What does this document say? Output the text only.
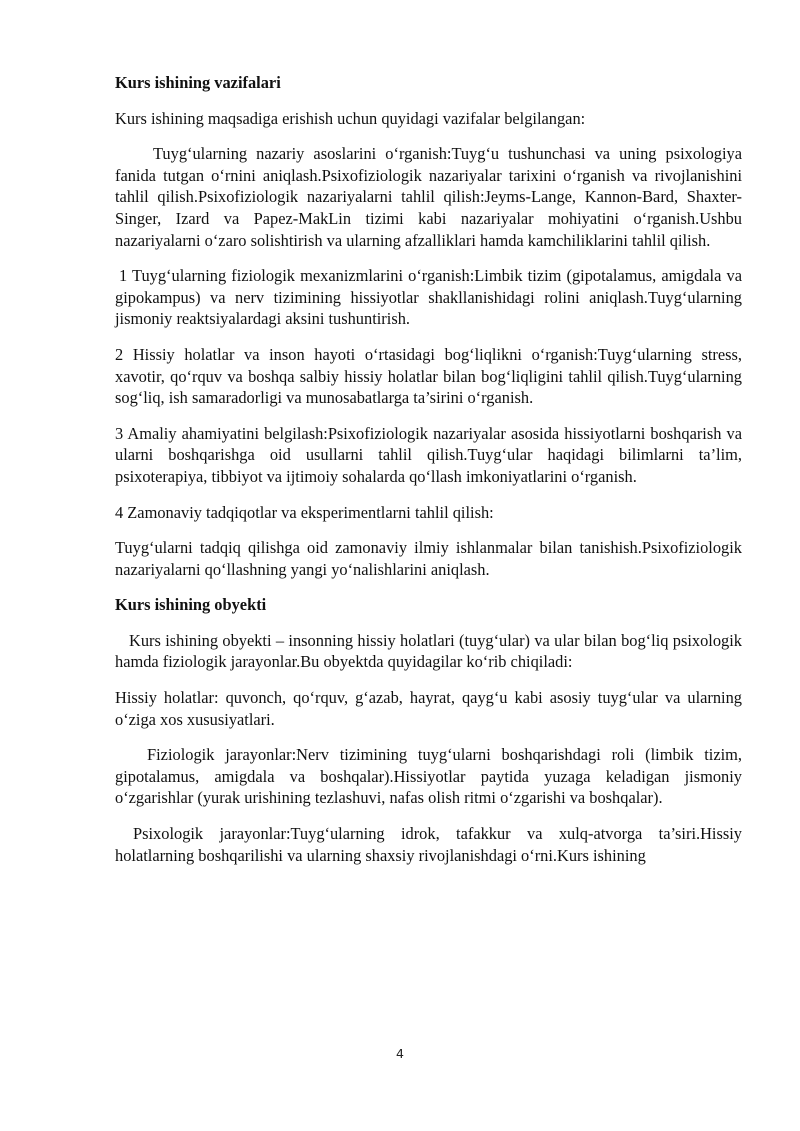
Kurs ishining vazifalari

Kurs ishining maqsadiga erishish uchun quyidagi vazifalar belgilangan:

Tuyg‘ularning nazariy asoslarini o‘rganish:Tuyg‘u tushunchasi va uning psixologiya fanida tutgan o‘rnini aniqlash.Psixofiziologik nazariyalar tarixini o‘rganish va rivojlanishini tahlil qilish.Psixofiziologik nazariyalarni tahlil qilish:Jeyms-Lange, Kannon-Bard, Shaxter-Singer, Izard va Papez-MakLin tizimi kabi nazariyalar mohiyatini o‘rganish.Ushbu nazariyalarni o‘zaro solishtirish va ularning afzalliklari hamda kamchiliklarini tahlil qilish.

1 Tuyg‘ularning fiziologik mexanizmlarini o‘rganish:Limbik tizim (gipotalamus, amigdala va gipokampus) va nerv tizimining hissiyotlar shakllanishidagi rolini aniqlash.Tuyg‘ularning jismoniy reaktsiyalardagi aksini tushuntirish.

2 Hissiy holatlar va inson hayoti o‘rtasidagi bog‘liqlikni o‘rganish:Tuyg‘ularning stress, xavotir, qo‘rquv va boshqa salbiy hissiy holatlar bilan bog‘liqligini tahlil qilish.Tuyg‘ularning sog‘liq, ish samaradorligi va munosabatlarga ta’sirini o‘rganish.

3 Amaliy ahamiyatini belgilash:Psixofiziologik nazariyalar asosida hissiyotlarni boshqarish va ularni boshqarishga oid usullarni tahlil qilish.Tuyg‘ular haqidagi bilimlarni ta’lim, psixoterapiya, tibbiyot va ijtimoiy sohalarda qo‘llash imkoniyatlarini o‘rganish.

4 Zamonaviy tadqiqotlar va eksperimentlarni tahlil qilish:

Tuyg‘ularni tadqiq qilishga oid zamonaviy ilmiy ishlanmalar bilan tanishish.Psixofiziologik nazariyalarni qo‘llashning yangi yo‘nalishlarini aniqlash.

Kurs ishining obyekti

Kurs ishining obyekti – insonning hissiy holatlari (tuyg‘ular) va ular bilan bog‘liq psixologik hamda fiziologik jarayonlar.Bu obyektda quyidagilar ko‘rib chiqiladi:

Hissiy holatlar: quvonch, qo‘rquv, g‘azab, hayrat, qayg‘u kabi asosiy tuyg‘ular va ularning o‘ziga xos xususiyatlari.

Fiziologik jarayonlar:Nerv tizimining tuyg‘ularni boshqarishdagi roli (limbik tizim, gipotalamus, amigdala va boshqalar).Hissiyotlar paytida yuzaga keladigan jismoniy o‘zgarishlar (yurak urishining tezlashuvi, nafas olish ritmi o‘zgarishi va boshqalar).

Psixologik jarayonlar:Tuyg‘ularning idrok, tafakkur va xulq-atvorga ta’siri.Hissiy holatlarning boshqarilishi va ularning shaxsiy rivojlanishdagi o‘rni.Kurs ishining

4
